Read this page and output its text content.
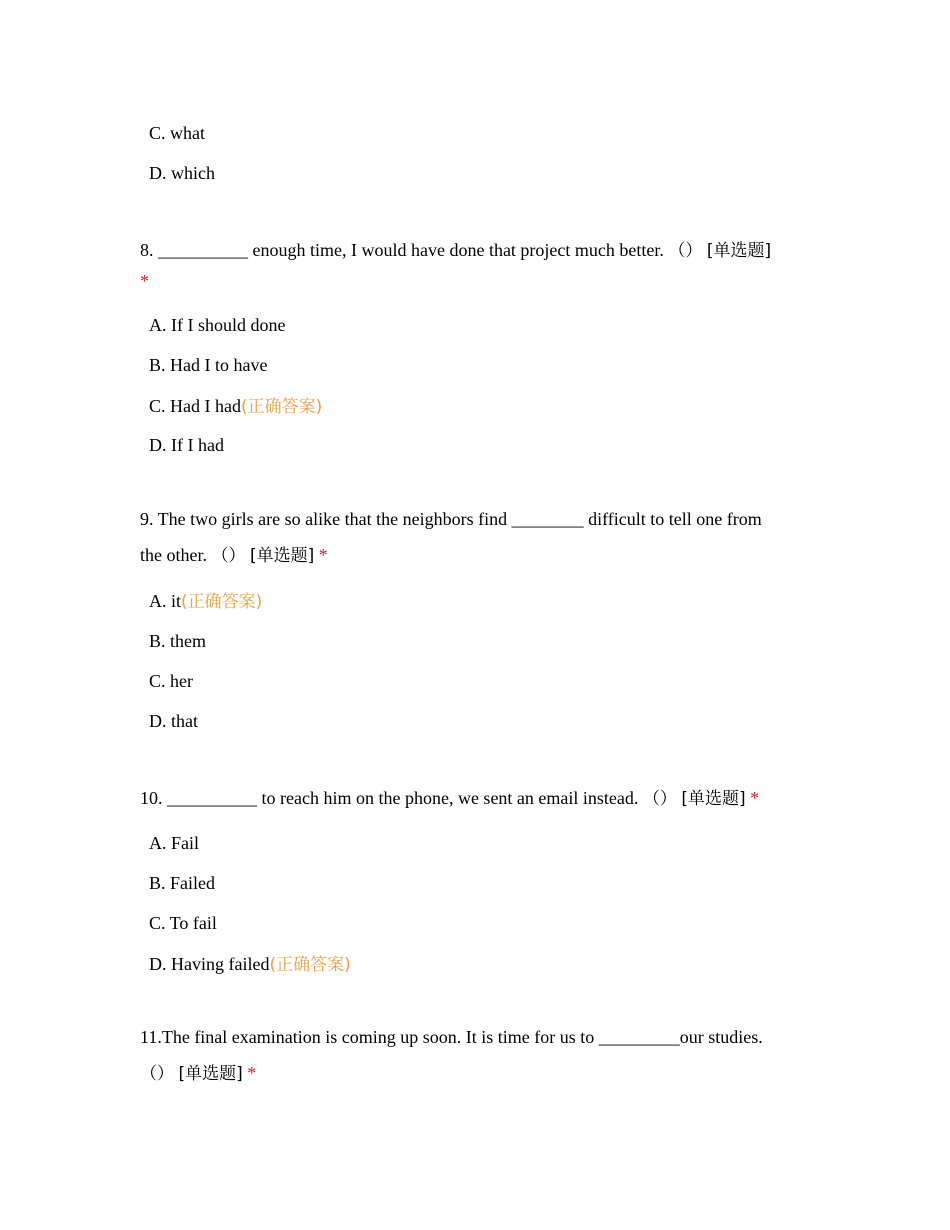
C. what
D. which
8. __________ enough time, I would have done that project much better. （） [单选题]
*
A. If I should done
B. Had I to have
C. Had I had(正确答案)
D. If I had
9. The two girls are so alike that the neighbors find ________ difficult to tell one from
the other. （） [单选题] *
A. it(正确答案)
B. them
C. her
D. that
10. __________ to reach him on the phone, we sent an email instead. （） [单选题] *
A. Fail
B. Failed
C. To fail
D. Having failed(正确答案)
11.The final examination is coming up soon. It is time for us to _________our studies.
（） [单选题] *
